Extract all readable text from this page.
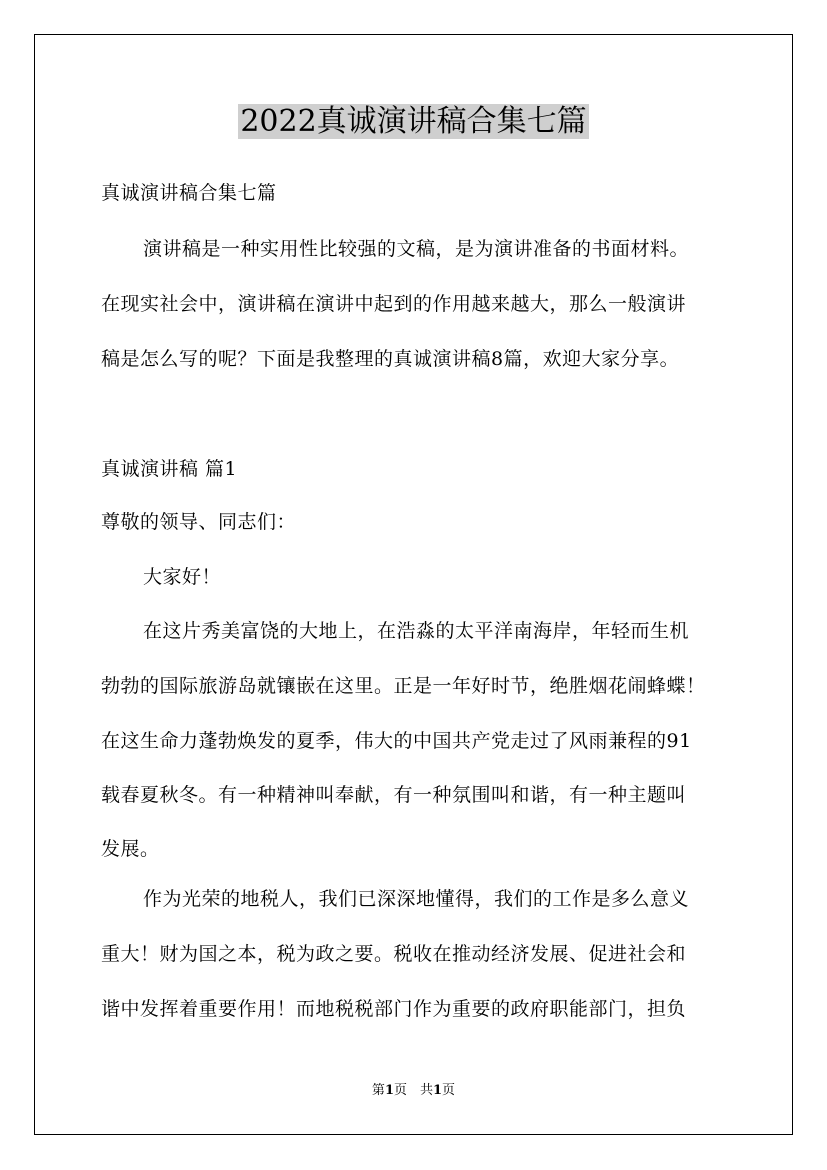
2022真诚演讲稿合集七篇
真诚演讲稿合集七篇
演讲稿是一种实用性比较强的文稿，是为演讲准备的书面材料。
在现实社会中，演讲稿在演讲中起到的作用越来越大，那么一般演讲
稿是怎么写的呢？下面是我整理的真诚演讲稿8篇，欢迎大家分享。
真诚演讲稿 篇1
尊敬的领导、同志们：
大家好！
在这片秀美富饶的大地上，在浩淼的太平洋南海岸，年轻而生机
勃勃的国际旅游岛就镶嵌在这里。正是一年好时节，绝胜烟花闹蜂蝶！
在这生命力蓬勃焕发的夏季，伟大的中国共产党走过了风雨兼程的91
载春夏秋冬。有一种精神叫奉献，有一种氛围叫和谐，有一种主题叫
发展。
作为光荣的地税人，我们已深深地懂得，我们的工作是多么意义
重大！财为国之本，税为政之要。税收在推动经济发展、促进社会和
谐中发挥着重要作用！而地税税部门作为重要的政府职能部门，担负
第1页　共1页
